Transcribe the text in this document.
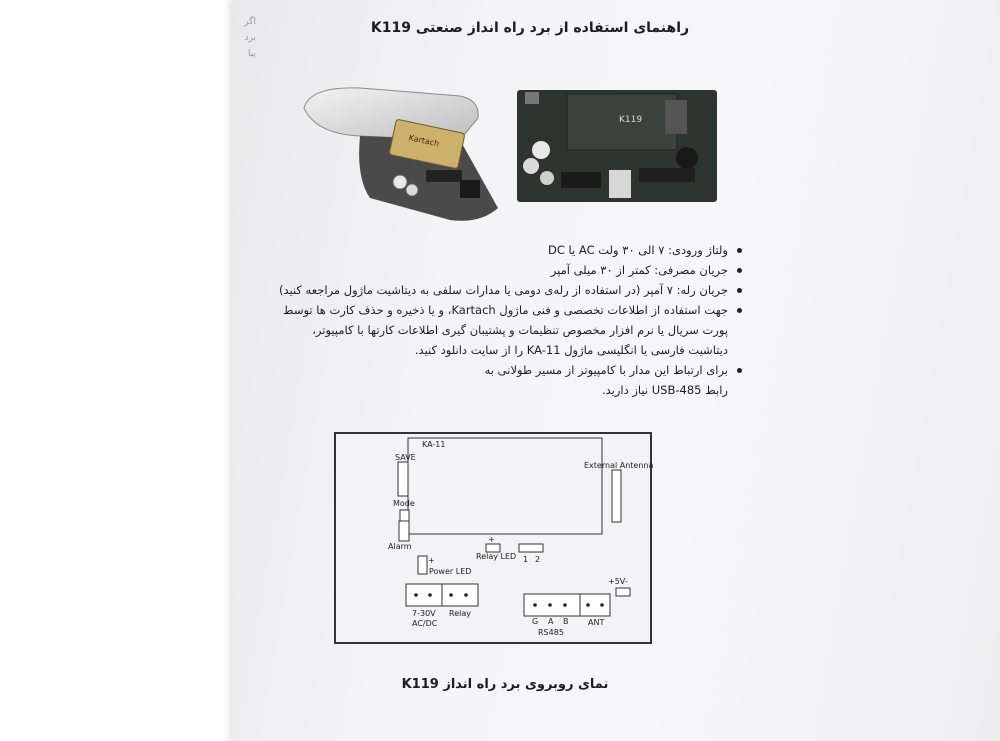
اگر
برد
پیا
راهنمای استفاده از برد راه انداز صنعتی K119
Kartach
K119
ولتاژ ورودی: ۷ الی ۳۰ ولت AC یا DC
جریان مصرفی: کمتر از ۳۰ میلی آمپر
جریان رله: ۷ آمپر (در استفاده از رله‌ی دومی یا مدارات سلفی به دیتاشیت ماژول مراجعه کنید)
جهت استفاده از اطلاعات تخصصی و فنی ماژول Kartach، و یا ذخیره و حذف کارت ها توسط
پورت سریال یا نرم افزار مخصوص تنظیمات و پشتیبان گیری اطلاعات کارتها با کامپیوتر،
دیتاشیت فارسی یا انگلیسی ماژول KA-11 را از سایت دانلود کنید.
برای ارتباط این مدار با کامپیوتر از مسیر طولانی به
رابط USB-485 نیاز دارید.
KA-11
SAVE
Mode
Alarm
External Antenna
+
Relay LED 1 2
+
Power LED
+5V-
7-30V
AC/DC
Relay
G A B ANT
RS485
نمای روبروی برد راه انداز K119
